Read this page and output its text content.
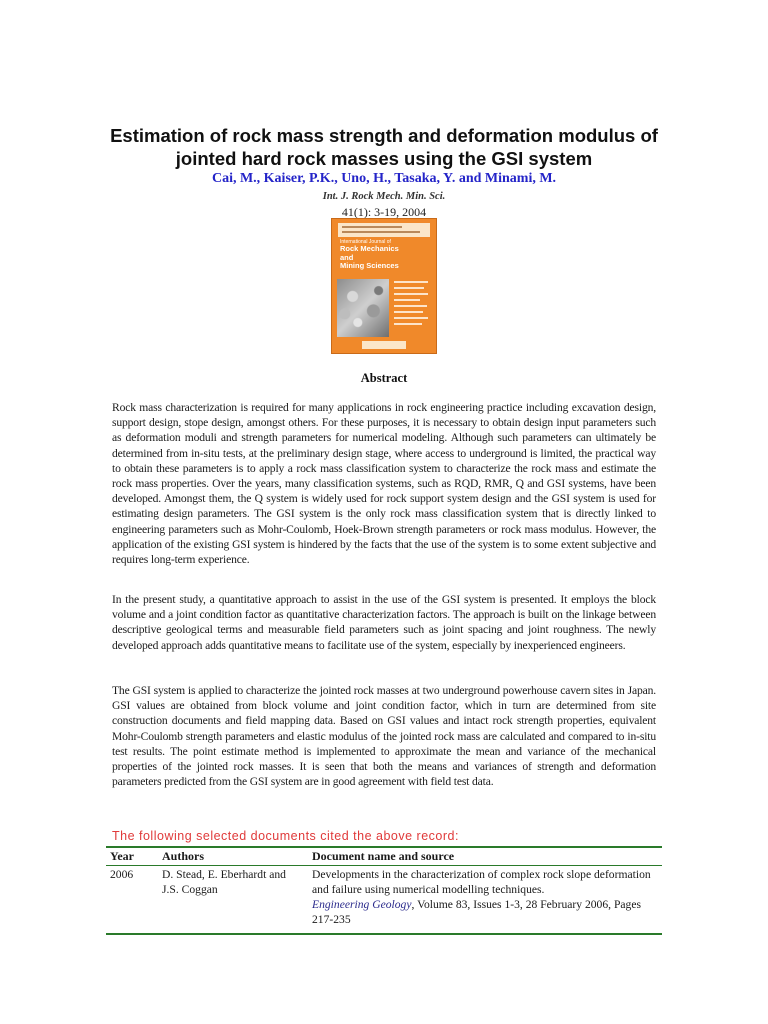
Estimation of rock mass strength and deformation modulus of
jointed hard rock masses using the GSI system
Cai, M., Kaiser, P.K., Uno, H., Tasaka, Y. and Minami, M.
Int. J. Rock Mech. Min. Sci.
41(1): 3-19, 2004
International Journal of
Rock Mechanics
and
Mining Sciences
Abstract

Rock mass characterization is required for many applications in rock engineering practice including excavation design, support design, stope design, amongst others. For these purposes, it is necessary to obtain design input parameters such as deformation moduli and strength parameters for numerical modeling. Although such parameters can ultimately be determined from in-situ tests, at the preliminary design stage, where access to underground is limited, the practical way to obtain these parameters is to apply a rock mass classification system to characterize the rock mass and estimate the rock mass properties. Over the years, many classification systems, such as RQD, RMR, Q and GSI systems, have been developed. Amongst them, the Q system is widely used for rock support system design and the GSI system is used for estimating design parameters. The GSI system is the only rock mass classification system that is directly linked to engineering parameters such as Mohr-Coulomb, Hoek-Brown strength parameters or rock mass modulus. However, the application of the existing GSI system is hindered by the facts that the use of the system is to some extent subjective and requires long-term experience.

In the present study, a quantitative approach to assist in the use of the GSI system is presented. It employs the block volume and a joint condition factor as quantitative characterization factors. The approach is built on the linkage between descriptive geological terms and measurable field parameters such as joint spacing and joint roughness. The newly developed approach adds quantitative means to facilitate use of the system, especially by inexperienced engineers.

The GSI system is applied to characterize the jointed rock masses at two underground powerhouse cavern sites in Japan. GSI values are obtained from block volume and joint condition factor, which in turn are determined from site construction documents and field mapping data. Based on GSI values and intact rock strength properties, equivalent Mohr-Coulomb strength parameters and elastic modulus of the jointed rock mass are calculated and compared to in-situ test results. The point estimate method is implemented to approximate the mean and variance of the mechanical properties of the jointed rock masses. It is seen that both the means and variances of strength and deformation parameters predicted from the GSI system are in good agreement with field test data.

The following selected documents cited the above record:
Year	Authors	Document name and source
2006	D. Stead, E. Eberhardt and J.S. Coggan	Developments in the characterization of complex rock slope deformation and failure using numerical modelling techniques.
Engineering Geology, Volume 83, Issues 1-3, 28 February 2006, Pages 217-235
